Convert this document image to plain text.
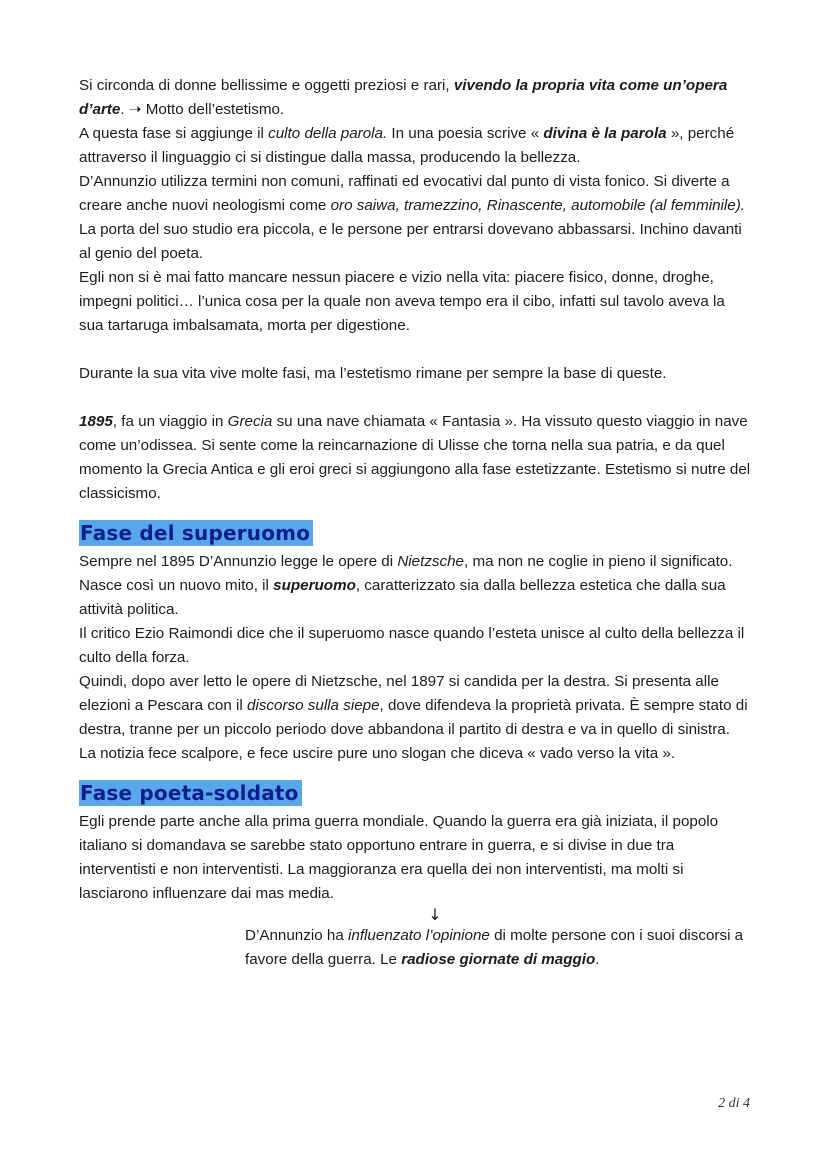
Si circonda di donne bellissime e oggetti preziosi e rari, vivendo la propria vita come un’opera d’arte. ➝ Motto dell’estetismo.

A questa fase si aggiunge il culto della parola. In una poesia scrive « divina è la parola », perché attraverso il linguaggio ci si distingue dalla massa, producendo la bellezza.

D’Annunzio utilizza termini non comuni, raffinati ed evocativi dal punto di vista fonico. Si diverte a creare anche nuovi neologismi come oro saiwa, tramezzino, Rinascente, automobile (al femminile).

La porta del suo studio era piccola, e le persone per entrarsi dovevano abbassarsi. Inchino davanti al genio del poeta.

Egli non si è mai fatto mancare nessun piacere e vizio nella vita: piacere fisico, donne, droghe, impegni politici… l’unica cosa per la quale non aveva tempo era il cibo, infatti sul tavolo aveva la sua tartaruga imbalsamata, morta per digestione.

Durante la sua vita vive molte fasi, ma l’estetismo rimane per sempre la base di queste.

1895, fa un viaggio in Grecia su una nave chiamata « Fantasia ». Ha vissuto questo viaggio in nave come un’odissea. Si sente come la reincarnazione di Ulisse che torna nella sua patria, e da quel momento la Grecia Antica e gli eroi greci si aggiungono alla fase estetizzante. Estetismo si nutre del classicismo.

Fase del superuomo

Sempre nel 1895 D’Annunzio legge le opere di Nietzsche, ma non ne coglie in pieno il significato. Nasce così un nuovo mito, il superuomo, caratterizzato sia dalla bellezza estetica che dalla sua attività politica.

Il critico Ezio Raimondi dice che il superuomo nasce quando l’esteta unisce al culto della bellezza il culto della forza.

Quindi, dopo aver letto le opere di Nietzsche, nel 1897 si candida per la destra. Si presenta alle elezioni a Pescara con il discorso sulla siepe, dove difendeva la proprietà privata. È sempre stato di destra, tranne per un piccolo periodo dove abbandona il partito di destra e va in quello di sinistra. La notizia fece scalpore, e fece uscire pure uno slogan che diceva « vado verso la vita ».

Fase poeta-soldato

Egli prende parte anche alla prima guerra mondiale. Quando la guerra era già iniziata, il popolo italiano si domandava se sarebbe stato opportuno entrare in guerra, e si divise in due tra interventisti e non interventisti. La maggioranza era quella dei non interventisti, ma molti si lasciarono influenzare dai mas media.

↓

D’Annunzio ha influenzato l’opinione di molte persone con i suoi discorsi a favore della guerra. Le radiose giornate di maggio.

2 di 4
